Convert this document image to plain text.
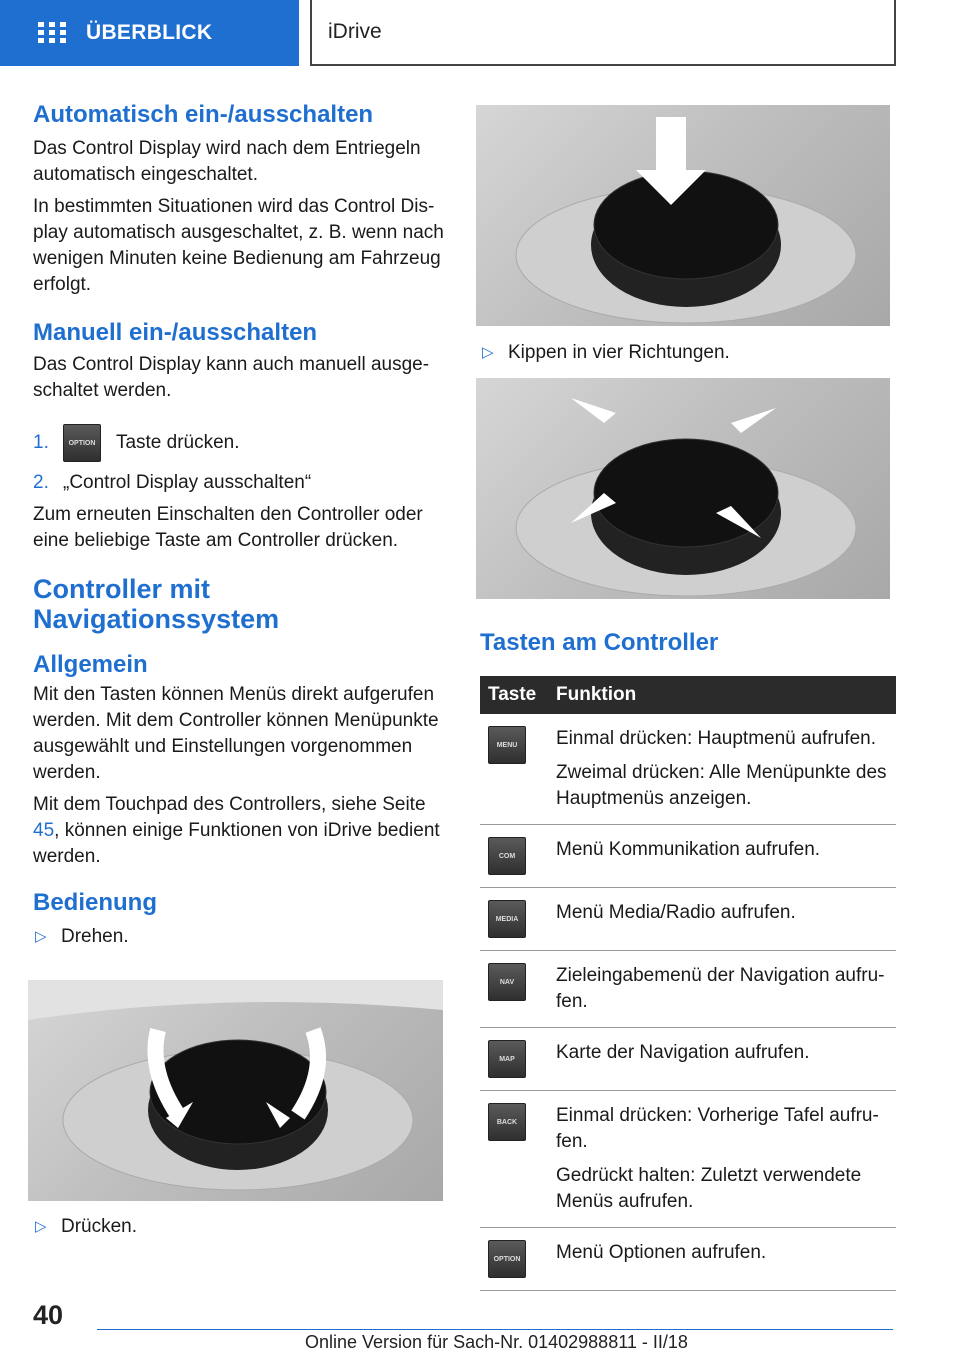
ÜBERBLICK	iDrive
Automatisch ein-/ausschalten

Das Control Display wird nach dem Entriegeln automatisch eingeschaltet.

In bestimmten Situationen wird das Control Dis-play automatisch ausgeschaltet, z. B. wenn nach wenigen Minuten keine Bedienung am Fahrzeug erfolgt.

Manuell ein-/ausschalten

Das Control Display kann auch manuell ausge-schaltet werden.

1.	OPTION Taste drücken.
2. „Control Display ausschalten“

Zum erneuten Einschalten den Controller oder eine beliebige Taste am Controller drücken.

Controller mit
Navigationssystem
Allgemein

Mit den Tasten können Menüs direkt aufgerufen werden. Mit dem Controller können Menüpunkte ausgewählt und Einstellungen vorgenommen werden.

Mit dem Touchpad des Controllers, siehe Seite 45, können einige Funktionen von iDrive bedient werden.

Bedienung
▷ Drehen.
▷ Drücken.
▷ Kippen in vier Richtungen.
Tasten am Controller
Taste	Funktion
MENU	Einmal drücken: Hauptmenü aufrufen.

Zweimal drücken: Alle Menüpunkte des Hauptmenüs anzeigen.

COM	Menü Kommunikation aufrufen.

MEDIA	Menü Media/Radio aufrufen.

NAV	Zieleingabemenü der Navigation aufru-fen.

MAP	Karte der Navigation aufrufen.

BACK	Einmal drücken: Vorherige Tafel aufru-fen.

Gedrückt halten: Zuletzt verwendete Menüs aufrufen.

OPTION	Menü Optionen aufrufen.

40
Online Version für Sach-Nr. 01402988811 - II/18
